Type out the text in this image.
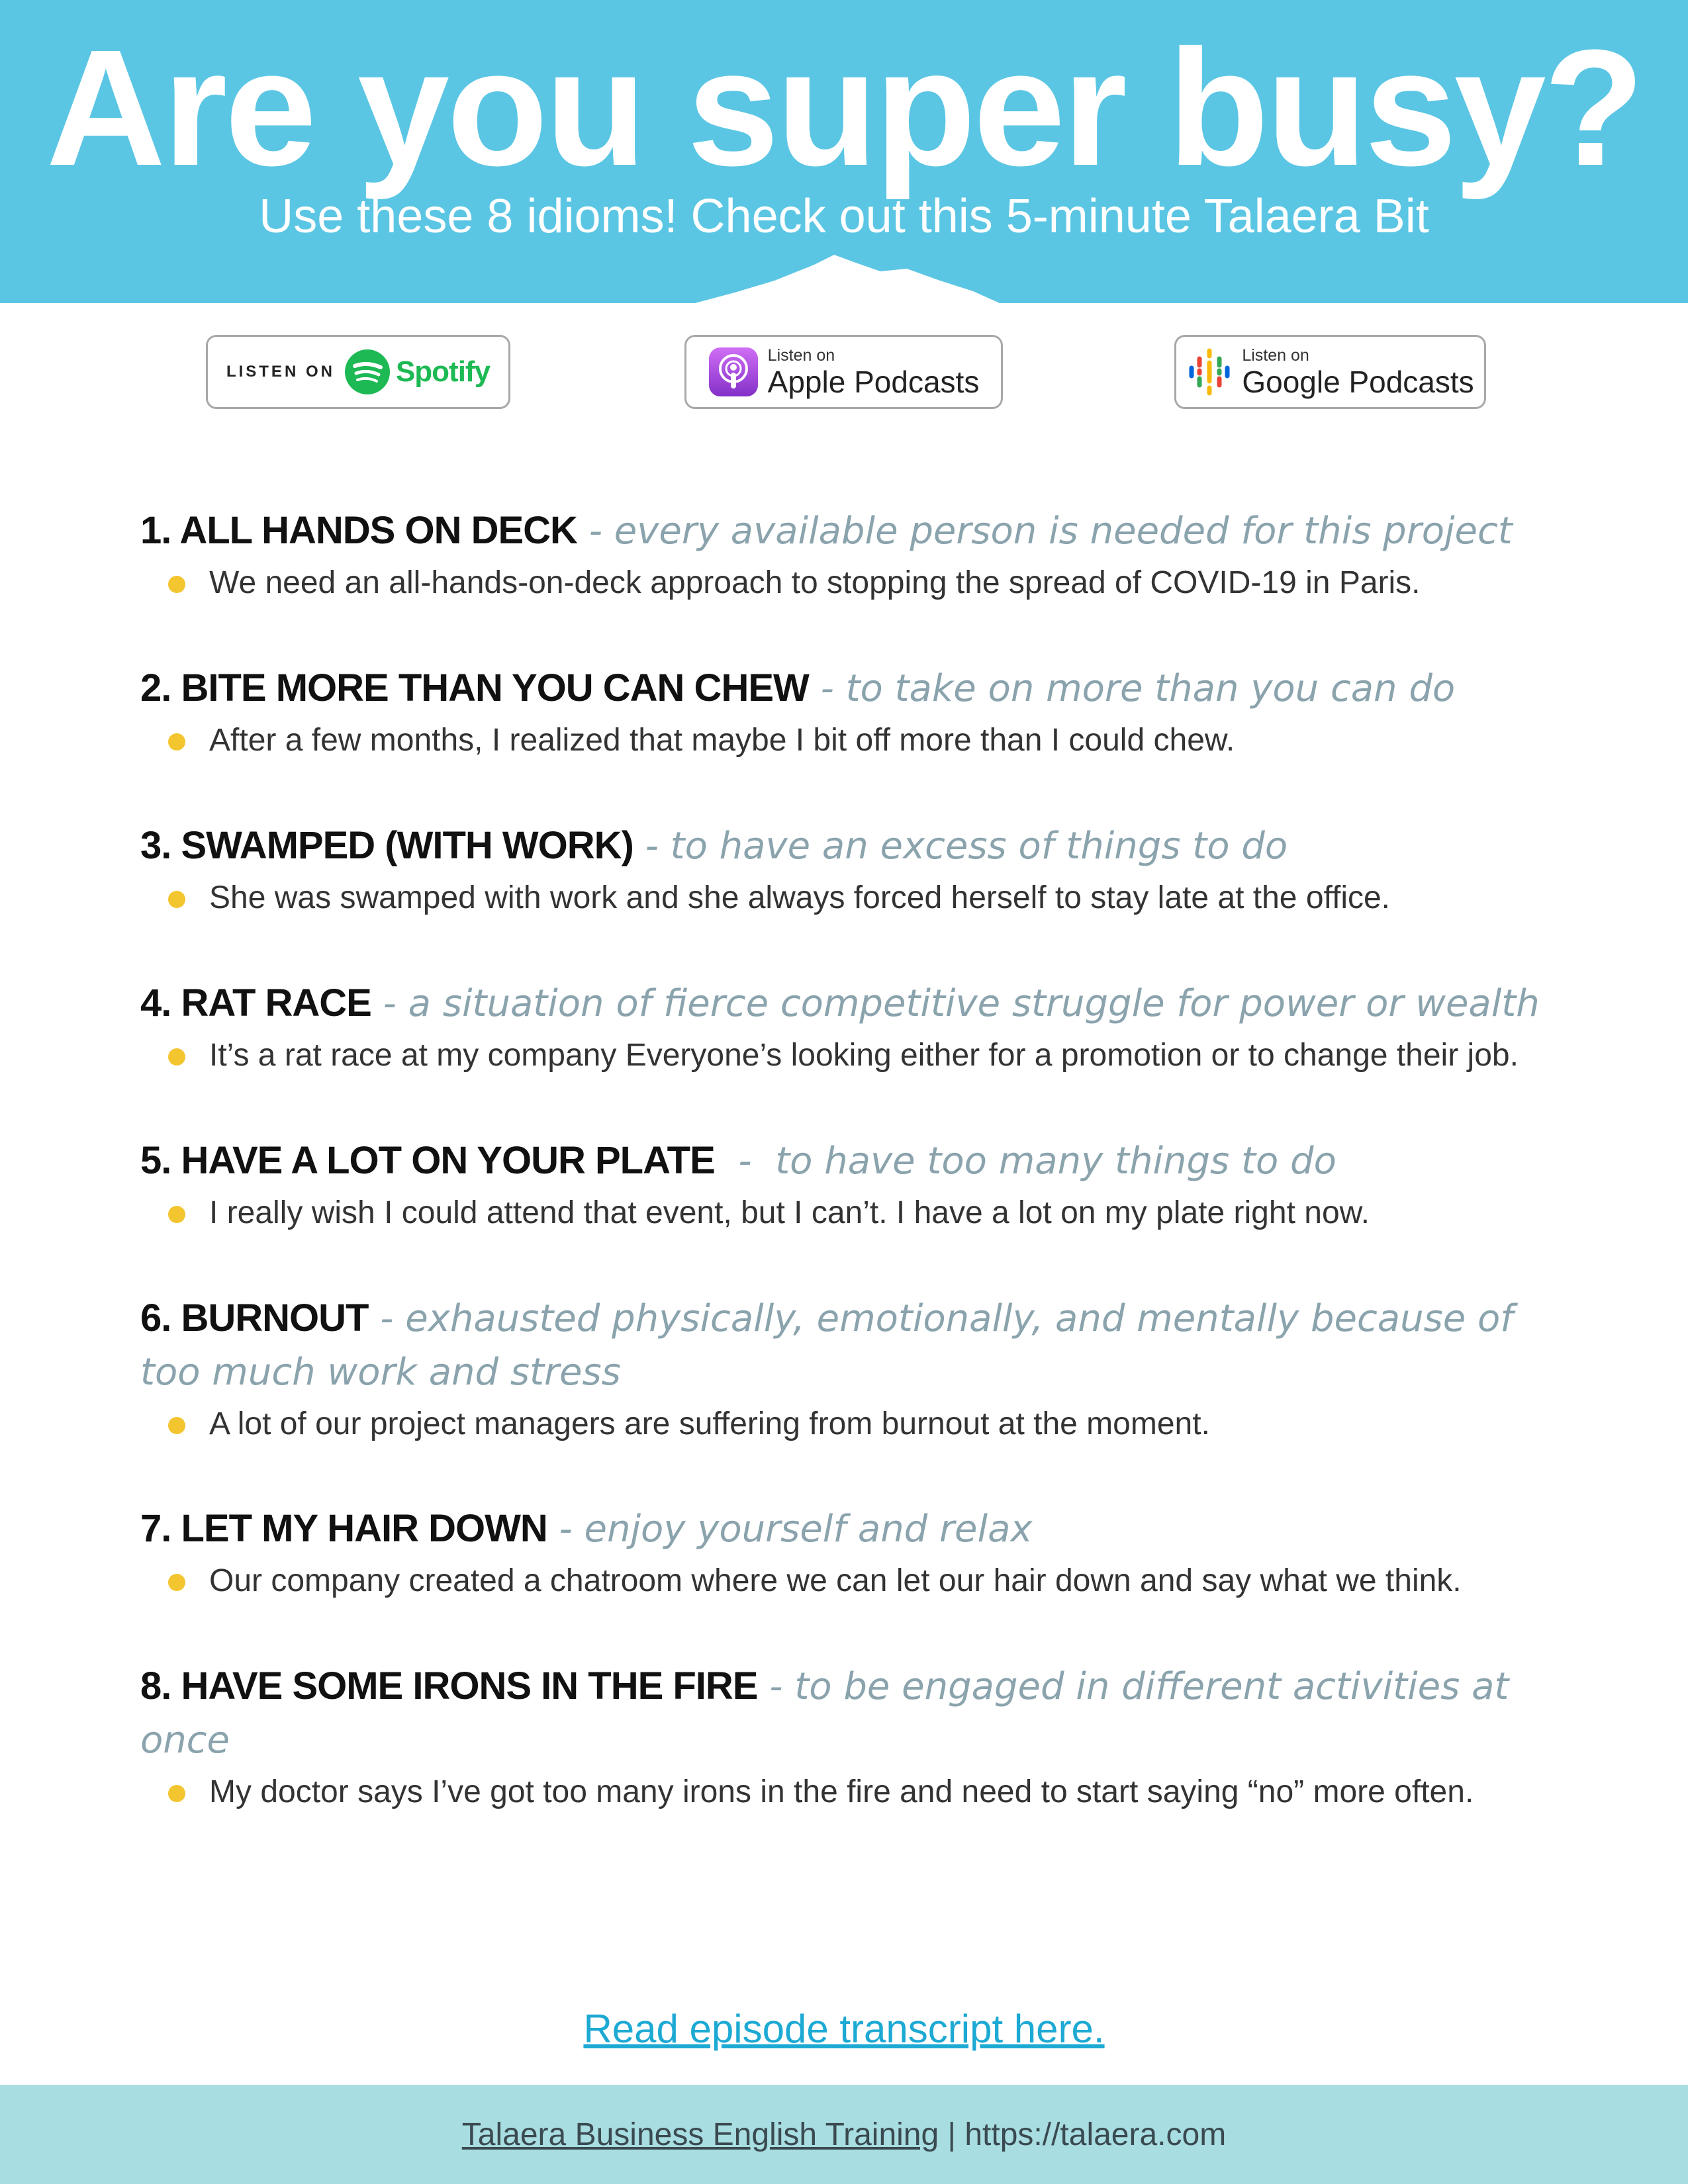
Are you super busy?
Use these 8 idioms! Check out this 5-minute Talaera Bit
LISTEN ON Spotify
Listen on
Apple Podcasts
Listen on
Google Podcasts

1. ALL HANDS ON DECK - every available person is needed for this project

We need an all-hands-on-deck approach to stopping the spread of COVID-19 in Paris.

2. BITE MORE THAN YOU CAN CHEW - to take on more than you can do

After a few months, I realized that maybe I bit off more than I could chew.

3. SWAMPED (WITH WORK) - to have an excess of things to do

She was swamped with work and she always forced herself to stay late at the office.

4. RAT RACE - a situation of fierce competitive struggle for power or wealth

It’s a rat race at my company Everyone’s looking either for a promotion or to change their job.

5. HAVE A LOT ON YOUR PLATE  -  to have too many things to do

I really wish I could attend that event, but I can’t. I have a lot on my plate right now.

6. BURNOUT - exhausted physically, emotionally, and mentally because of too much work and stress

A lot of our project managers are suffering from burnout at the moment.

7. LET MY HAIR DOWN - enjoy yourself and relax

Our company created a chatroom where we can let our hair down and say what we think.

8. HAVE SOME IRONS IN THE FIRE - to be engaged in different activities at once

My doctor says I’ve got too many irons in the fire and need to start saying “no” more often.
Read episode transcript here.
Talaera Business English Training | https://talaera.com
